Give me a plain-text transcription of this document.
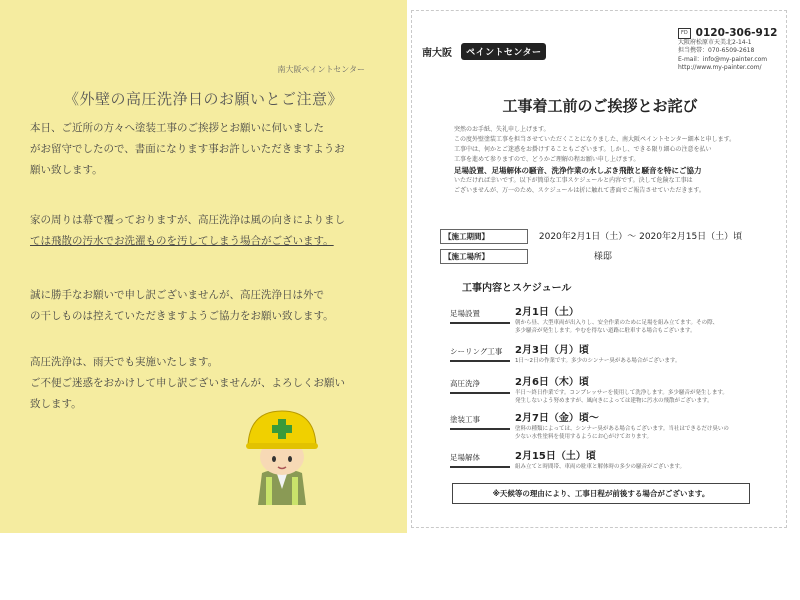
南大阪ペイントセンター
《外壁の高圧洗浄日のお願いとご注意》

本日、ご近所の方々へ塗装工事のご挨拶とお願いに伺いました

がお留守でしたので、書面になります事お許しいただきますようお

願い致します。

家の周りは幕で覆っておりますが、高圧洗浄は風の向きによりまし

ては飛散の汚水でお洗濯ものを汚してしまう場合がございます。

誠に勝手なお願いで申し訳ございませんが、高圧洗浄日は外で

の干しものは控えていただきますようご協力をお願い致します。

高圧洗浄は、雨天でも実施いたします。

ご不便ご迷惑をおかけして申し訳ございませんが、よろしくお願い

致します。

南大阪 ペイントセンター
FD 0120-306-912
大阪府松原市天美北2-14-1
担当携帯：070-6509-2618
E-mail：info@my-painter.com
http://www.my-painter.com/
工事着工前のご挨拶とお詫び

突然のお手紙、失礼申し上げます。

この度外壁塗装工事を担当させていただくことになりました、南大阪ペイントセンター細本と申します。

工事中は、何かとご迷惑をお掛けすることもございます。しかし、できる限り細心の注意を払い

工事を進めて参りますので、どうかご理解の程お願い申し上げます。

足場設置、足場解体の騒音、洗浄作業の水しぶき飛散と騒音を特にご協力

いただければ幸いです。以下が簡単な工事スケジュールと内容です。決して危険な工事は

ございませんが、万一のため、スケジュールは折に触れて書面でご報告させていただきます。

【施工期間】	2020年2月1日（土）～ 2020年2月15日（土）頃
【施工場所】	様邸
工事内容とスケジュール
足場設置	2月1日（土）

朝から昼、大型車両が出入りし、安全作業のために足場を組み立てます。その際、

多少騒音が発生します。やむを得ない道路に駐車する場合もございます。

シーリング工事	2月3日（月）頃

1日～2日の作業です。多少のシンナー臭がある場合がございます。

高圧洗浄	2月6日（木）頃

半日～終日作業です。コンプレッサーを使用して洗浄します。多少騒音が発生します。

発生しないよう努めますが、風向きによっては建物に汚水の飛散がございます。

塗装工事	2月7日（金）頃～

塗料の種類によっては、シンナー臭がある場合もございます。当社はできるだけ臭いの

少ない水性塗料を使用するようにお心がけております。

足場解体	2月15日（土）頃

組み立てと時間帯、車両の駐車と解体時の多少の騒音がございます。

※天候等の理由により、工事日程が前後する場合がございます。
